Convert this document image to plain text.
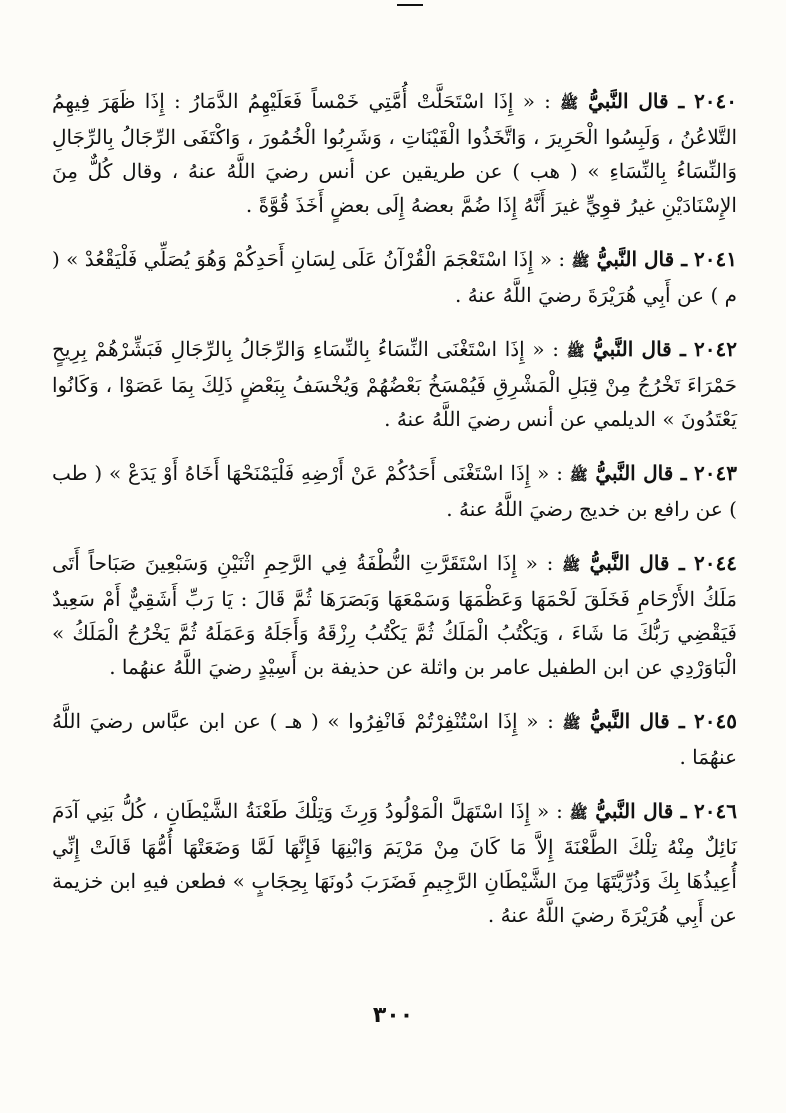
٢٠٤٠ ـ قال النَّبيُّ ﷺ : « إِذَا اسْتَحَلَّتْ أُمَّتِي خَمْساً فَعَلَيْهِمُ الدَّمَارُ : إِذَا ظَهَرَ فِيهِمُ التَّلاعُنُ ، وَلَبِسُوا الْحَرِيرَ ، وَاتَّخَذُوا الْقَيْنَاتِ ، وَشَرِبُوا الْخُمُورَ ، وَاكْتَفَى الرِّجَالُ بِالرِّجَالِ وَالنِّسَاءُ بِالنِّسَاءِ » ( هب ) عن طريقين عن أنس رضيَ اللَّهُ عنهُ ، وقال كُلٌّ مِنَ الإِسْنَادَيْنِ غيرُ قوِيٍّ غيرَ أَنَّهُ إِذَا ضُمَّ بعضهُ إِلَى بعضٍ أَخَذَ قُوَّةً .

٢٠٤١ ـ قال النَّبيُّ ﷺ : « إِذَا اسْتَعْجَمَ الْقُرْآنُ عَلَى لِسَانِ أَحَدِكُمْ وَهُوَ يُصَلِّي فَلْيَقْعُدْ » ( م ) عن أَبِي هُرَيْرَةَ رضيَ اللَّهُ عنهُ .

٢٠٤٢ ـ قال النَّبيُّ ﷺ : « إِذَا اسْتَغْنَى النِّسَاءُ بِالنِّسَاءِ وَالرِّجَالُ بِالرِّجَالِ فَبَشِّرْهُمْ بِرِيحٍ حَمْرَاءَ تَخْرُجُ مِنْ قِبَلِ الْمَشْرِقِ فَيُمْسَخُ بَعْضُهُمْ وَيُخْسَفُ بِبَعْضٍ ذَلِكَ بِمَا عَصَوْا ، وَكَانُوا يَعْتَدُونَ » الديلمي عن أنس رضيَ اللَّهُ عنهُ .

٢٠٤٣ ـ قال النَّبيُّ ﷺ : « إِذَا اسْتَغْنَى أَحَدُكُمْ عَنْ أَرْضِهِ فَلْيَمْنَحْهَا أَخَاهُ أَوْ يَدَعْ » ( طب ) عن رافع بن خديج رضيَ اللَّهُ عنهُ .

٢٠٤٤ ـ قال النَّبيُّ ﷺ : « إِذَا اسْتَقَرَّتِ النُّطْفَةُ فِي الرَّحِمِ اثْنَيْنِ وَسَبْعِينَ صَبَاحاً أَتَى مَلَكُ الأَرْحَامِ فَخَلَقَ لَحْمَهَا وَعَظْمَهَا وَسَمْعَهَا وَبَصَرَهَا ثُمَّ قَالَ : يَا رَبِّ أَشَقِيٌّ أَمْ سَعِيدٌ فَيَقْضِي رَبُّكَ مَا شَاءَ ، وَيَكْتُبُ الْمَلَكُ ثُمَّ يَكْتُبُ رِزْقَهُ وَأَجَلَهُ وَعَمَلَهُ ثُمَّ يَخْرُجُ الْمَلَكُ » الْبَاوَرْدِي عن ابن الطفيل عامر بن واثلة عن حذيفة بن أَسِيْدٍ رضيَ اللَّهُ عنهُما .

٢٠٤٥ ـ قال النَّبيُّ ﷺ : « إِذَا اسْتُنْفِرْتُمْ فَانْفِرُوا » ( هـ ) عن ابن عبَّاس رضيَ اللَّهُ عنهُمَا .

٢٠٤٦ ـ قال النَّبيُّ ﷺ : « إِذَا اسْتَهَلَّ الْمَوْلُودُ وَرِثَ وَتِلْكَ طَعْنَةُ الشَّيْطَانِ ، كُلُّ بَنِي آدَمَ نَائِلٌ مِنْهُ تِلْكَ الطَّعْنَةَ إِلاَّ مَا كَانَ مِنْ مَرْيَمَ وَابْنِهَا فَإِنَّهَا لَمَّا وَضَعَتْهَا أُمُّهَا قَالَتْ إِنِّي أُعِيذُهَا بِكَ وَذُرِّيَّتَهَا مِنَ الشَّيْطَانِ الرَّجِيمِ فَضَرَبَ دُونَهَا بِحِجَابٍ » فطعن فيهِ ابن خزيمة عن أَبِي هُرَيْرَةَ رضيَ اللَّهُ عنهُ .

٣٠٠
